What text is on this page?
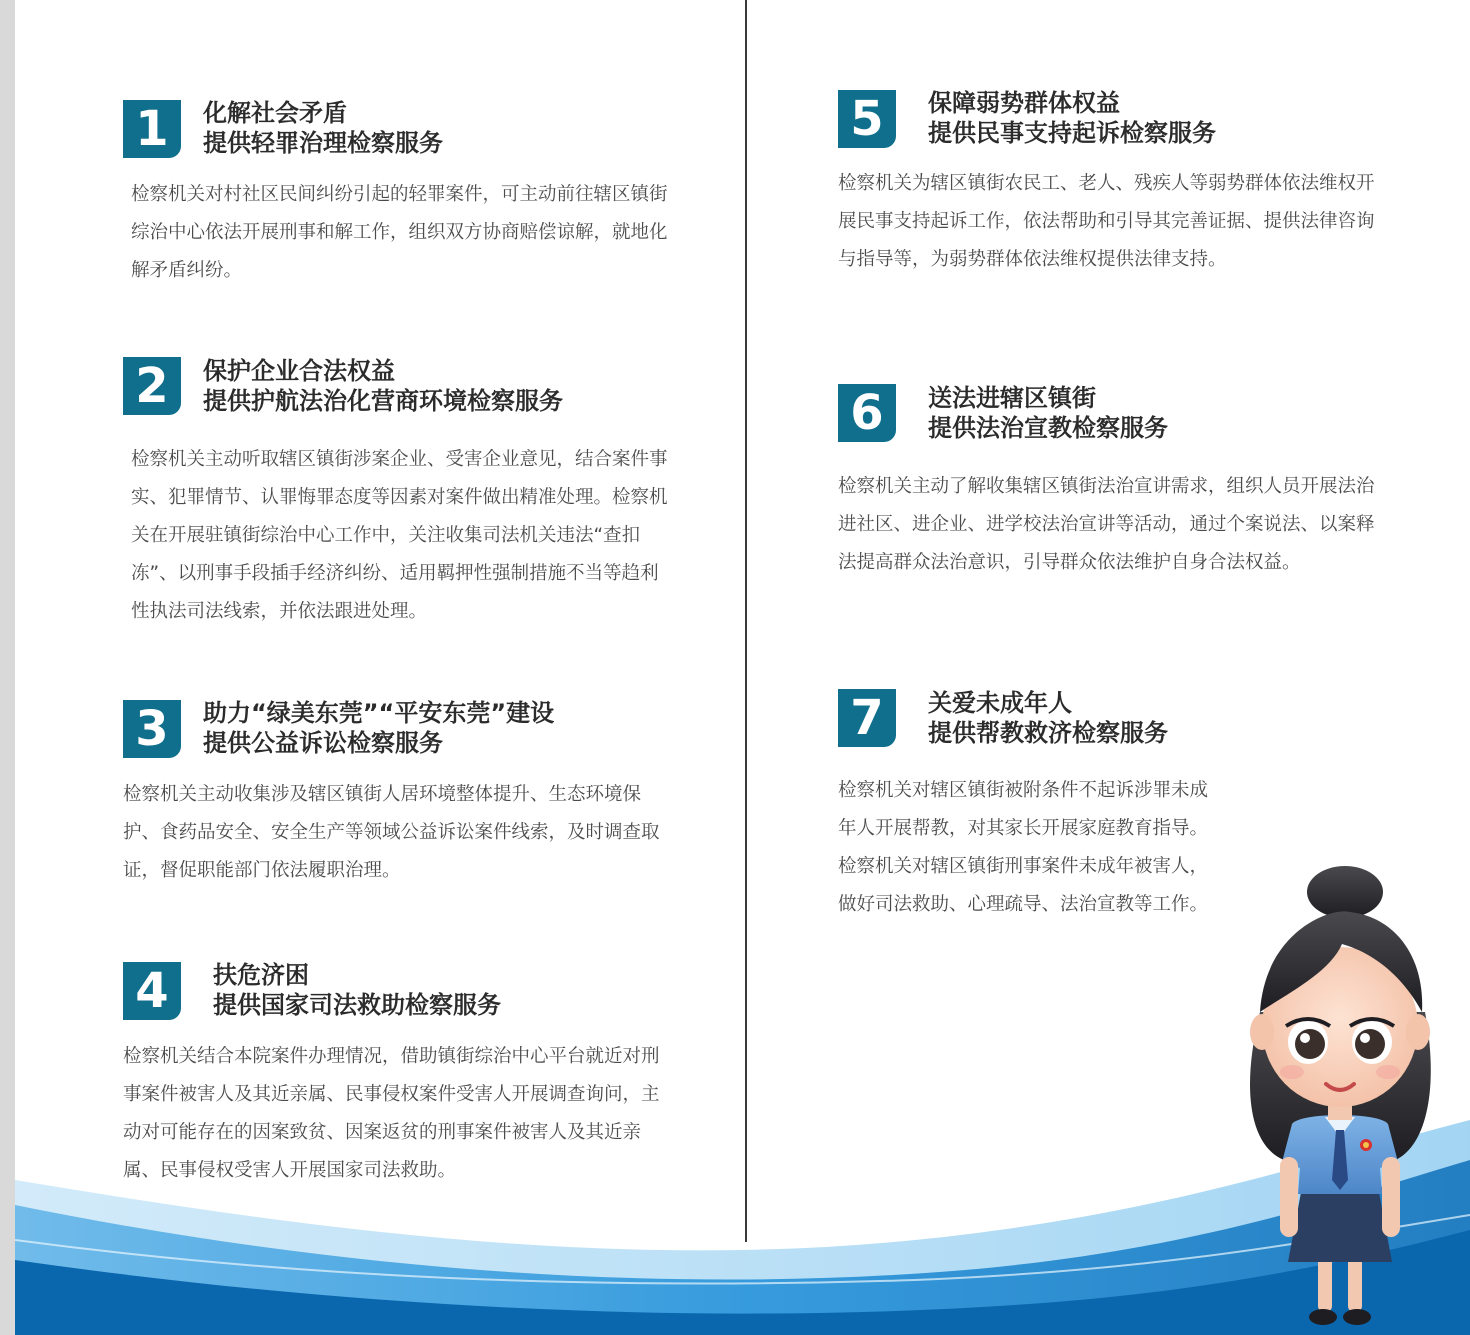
1	化解社会矛盾
提供轻罪治理检察服务
检察机关对村社区民间纠纷引起的轻罪案件，可主动前往辖区镇街综治中心依法开展刑事和解工作，组织双方协商赔偿谅解，就地化解矛盾纠纷。
2	保护企业合法权益
提供护航法治化营商环境检察服务
检察机关主动听取辖区镇街涉案企业、受害企业意见，结合案件事实、犯罪情节、认罪悔罪态度等因素对案件做出精准处理。检察机关在开展驻镇街综治中心工作中，关注收集司法机关违法“查扣冻”、以刑事手段插手经济纠纷、适用羁押性强制措施不当等趋利性执法司法线索，并依法跟进处理。
3	助力“绿美东莞”“平安东莞”建设
提供公益诉讼检察服务
检察机关主动收集涉及辖区镇街人居环境整体提升、生态环境保护、食药品安全、安全生产等领域公益诉讼案件线索，及时调查取证，督促职能部门依法履职治理。
4	扶危济困
提供国家司法救助检察服务
检察机关结合本院案件办理情况，借助镇街综治中心平台就近对刑事案件被害人及其近亲属、民事侵权案件受害人开展调查询问，主动对可能存在的因案致贫、因案返贫的刑事案件被害人及其近亲属、民事侵权受害人开展国家司法救助。
5	保障弱势群体权益
提供民事支持起诉检察服务
检察机关为辖区镇街农民工、老人、残疾人等弱势群体依法维权开展民事支持起诉工作，依法帮助和引导其完善证据、提供法律咨询与指导等，为弱势群体依法维权提供法律支持。
6	送法进辖区镇街
提供法治宣教检察服务
检察机关主动了解收集辖区镇街法治宣讲需求，组织人员开展法治进社区、进企业、进学校法治宣讲等活动，通过个案说法、以案释法提高群众法治意识，引导群众依法维护自身合法权益。
7	关爱未成年人
提供帮教救济检察服务
检察机关对辖区镇街被附条件不起诉涉罪未成年人开展帮教，对其家长开展家庭教育指导。检察机关对辖区镇街刑事案件未成年被害人，做好司法救助、心理疏导、法治宣教等工作。
